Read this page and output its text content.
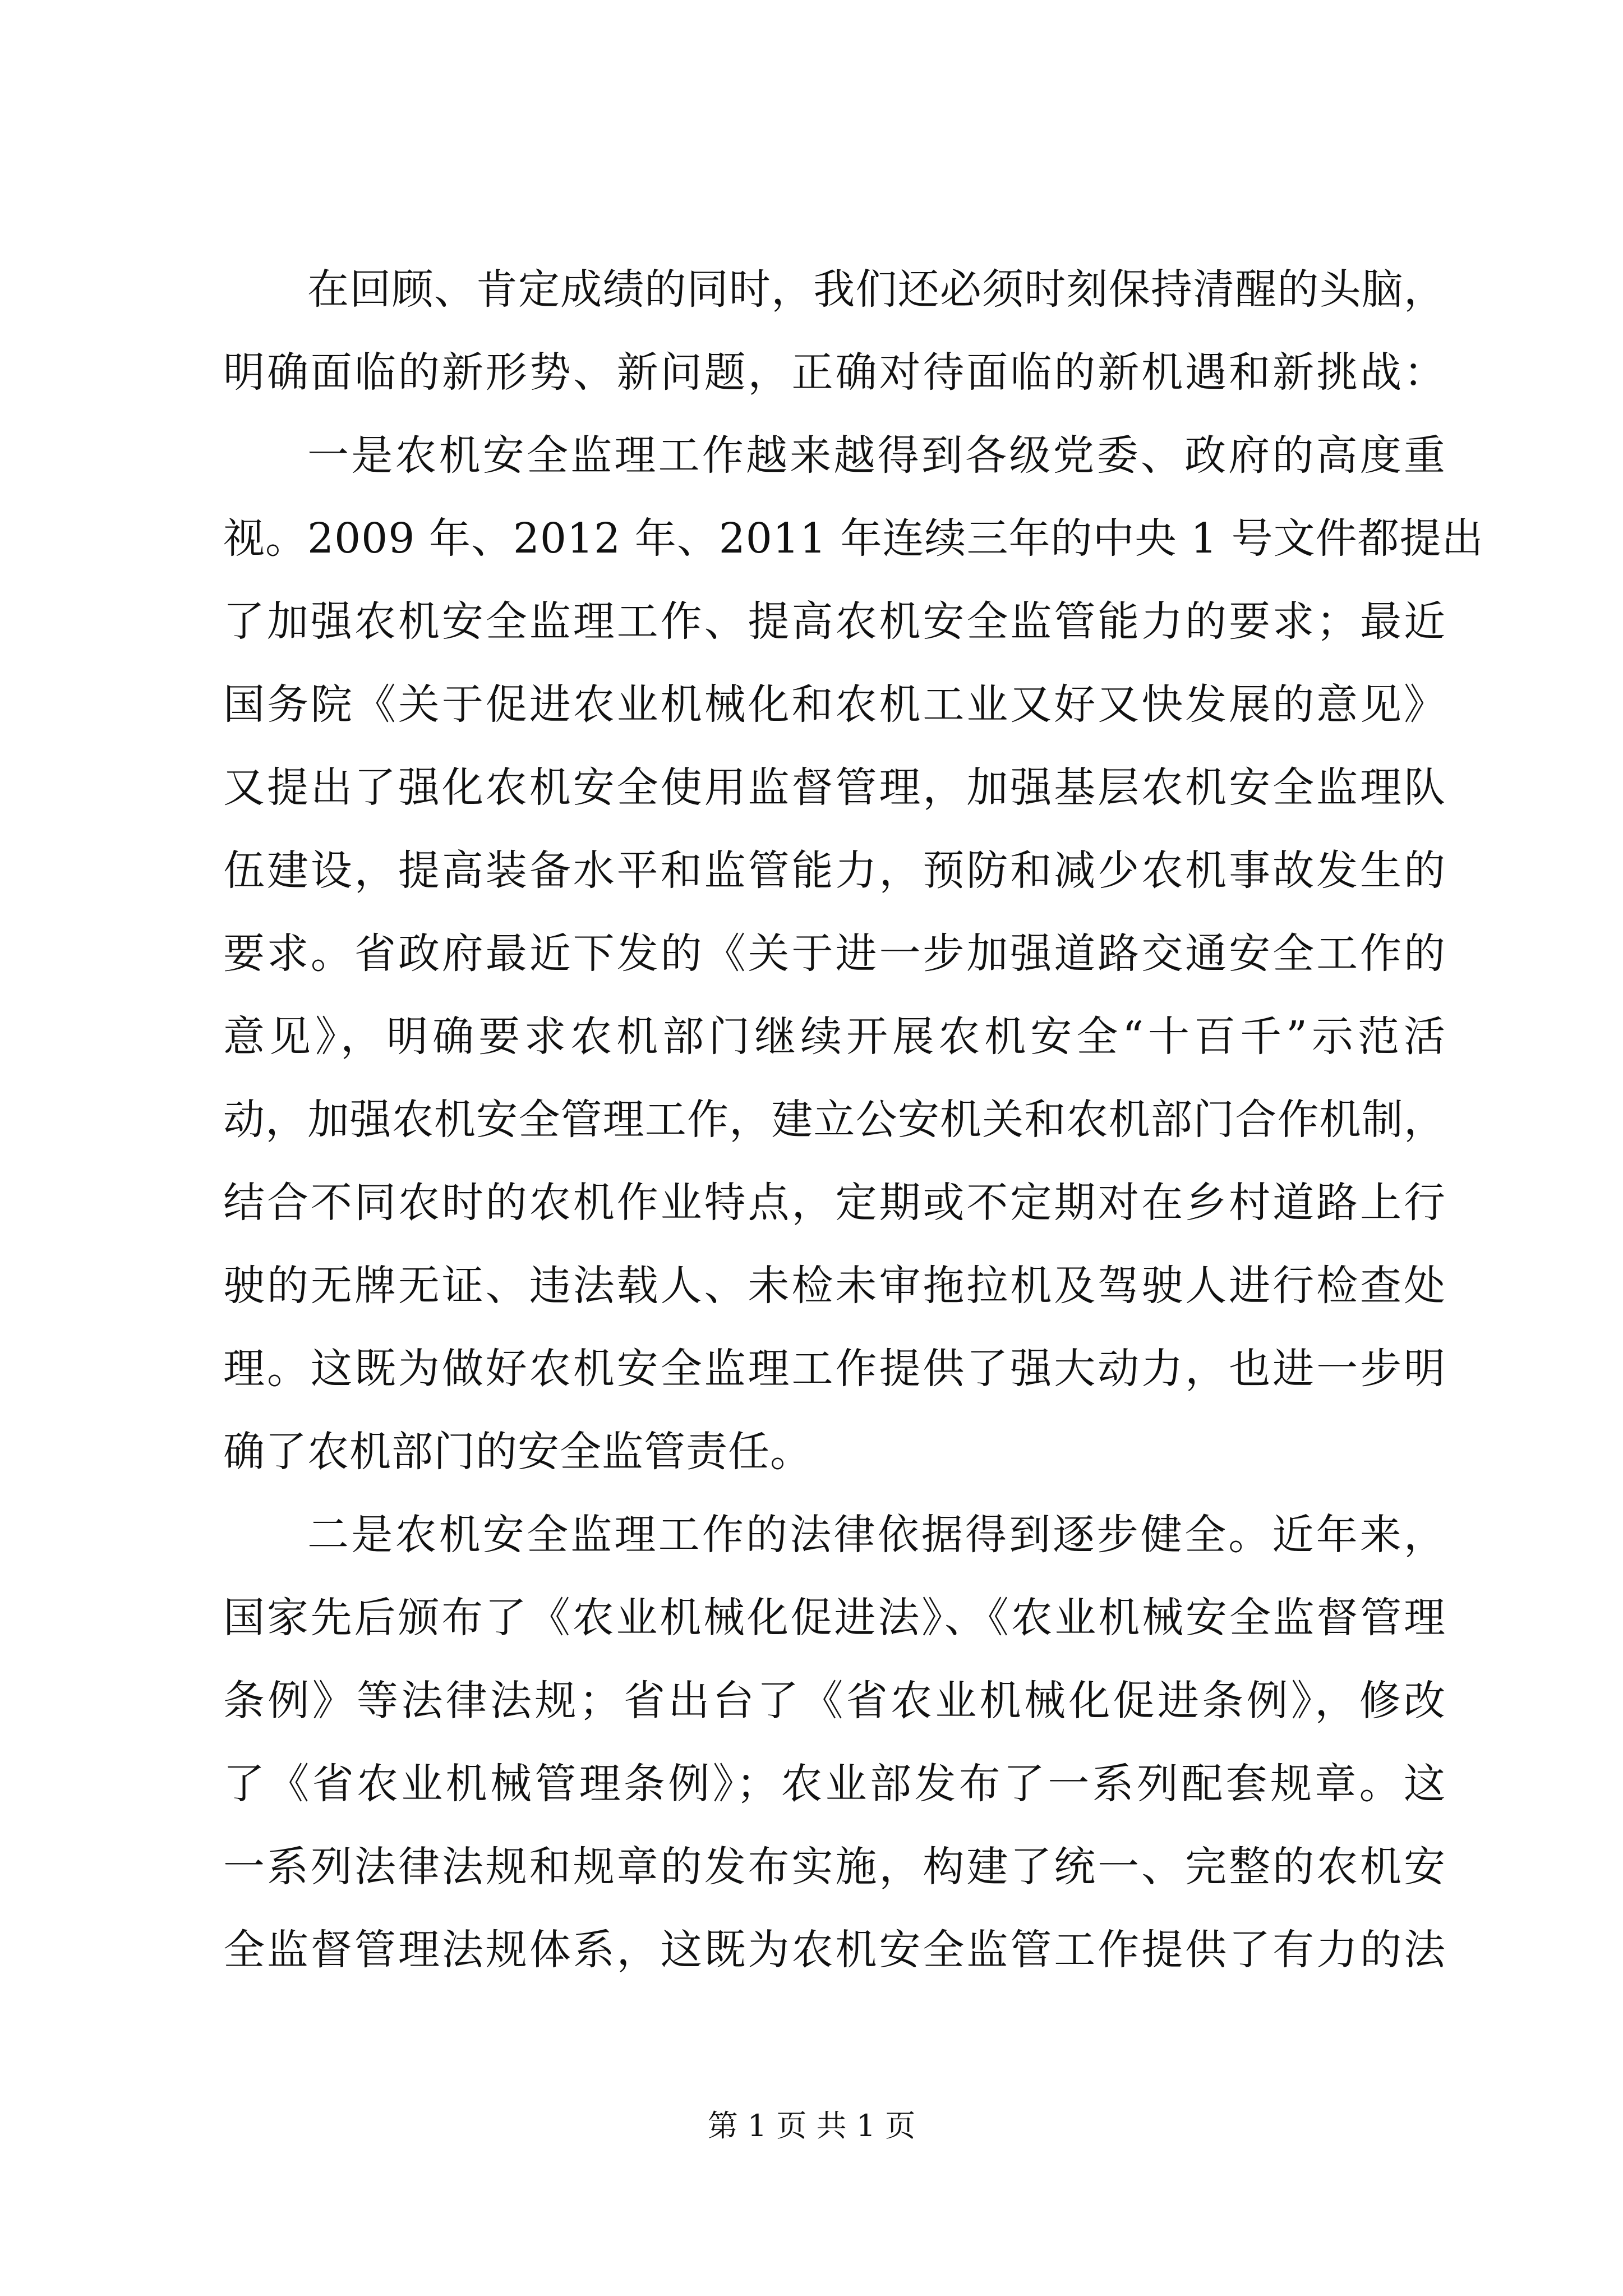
在回顾、肯定成绩的同时，我们还必须时刻保持清醒的头脑，
明确面临的新形势、新问题，正确对待面临的新机遇和新挑战：
一是农机安全监理工作越来越得到各级党委、政府的高度重
视。2009 年、2012 年、2011 年连续三年的中央 1 号文件都提出
了加强农机安全监理工作、提高农机安全监管能力的要求；最近
国务院《关于促进农业机械化和农机工业又好又快发展的意见》
又提出了强化农机安全使用监督管理，加强基层农机安全监理队
伍建设，提高装备水平和监管能力，预防和减少农机事故发生的
要求。省政府最近下发的《关于进一步加强道路交通安全工作的
意见》，明确要求农机部门继续开展农机安全“十百千”示范活
动，加强农机安全管理工作，建立公安机关和农机部门合作机制，
结合不同农时的农机作业特点，定期或不定期对在乡村道路上行
驶的无牌无证、违法载人、未检未审拖拉机及驾驶人进行检查处
理。这既为做好农机安全监理工作提供了强大动力，也进一步明
确了农机部门的安全监管责任。
二是农机安全监理工作的法律依据得到逐步健全。近年来，
国家先后颁布了《农业机械化促进法》、《农业机械安全监督管理
条例》等法律法规；省出台了《省农业机械化促进条例》，修改
了《省农业机械管理条例》；农业部发布了一系列配套规章。这
一系列法律法规和规章的发布实施，构建了统一、完整的农机安
全监督管理法规体系，这既为农机安全监管工作提供了有力的法
第 1 页 共 1 页
